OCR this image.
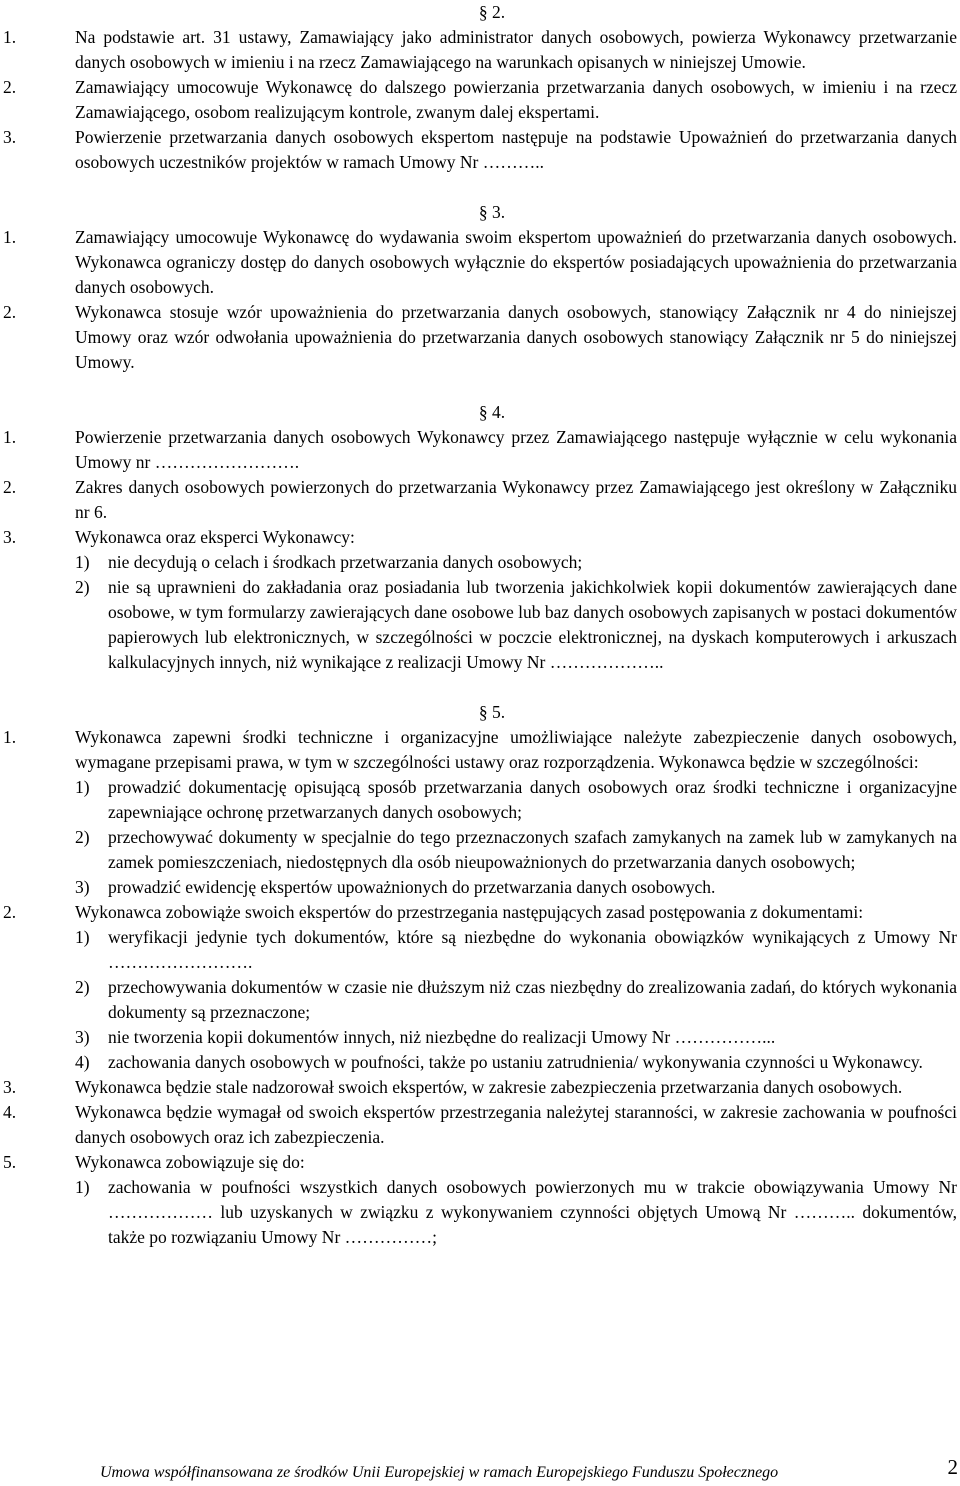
§ 2.

1.	Na podstawie art. 31 ustawy, Zamawiający jako administrator danych osobowych, powierza Wykonawcy przetwarzanie danych osobowych w imieniu i na rzecz Zamawiającego na warunkach opisanych w niniejszej Umowie.

2.	Zamawiający umocowuje Wykonawcę do dalszego powierzania przetwarzania danych osobowych, w imieniu i na rzecz Zamawiającego, osobom realizującym kontrole, zwanym dalej ekspertami.

3.	Powierzenie przetwarzania danych osobowych ekspertom następuje na podstawie Upoważnień do przetwarzania danych osobowych uczestników projektów w ramach Umowy Nr ………..

§ 3.

1.	Zamawiający umocowuje Wykonawcę do wydawania swoim ekspertom upoważnień do przetwarzania danych osobowych. Wykonawca ograniczy dostęp do danych osobowych wyłącznie do ekspertów posiadających upoważnienia do przetwarzania danych osobowych.

2.	Wykonawca stosuje wzór upoważnienia do przetwarzania danych osobowych, stanowiący Załącznik nr 4 do niniejszej Umowy oraz wzór odwołania upoważnienia do przetwarzania danych osobowych stanowiący Załącznik nr 5 do niniejszej Umowy.

§ 4.

1.	Powierzenie przetwarzania danych osobowych Wykonawcy przez Zamawiającego następuje wyłącznie w celu wykonania Umowy nr …………………….

2.	Zakres danych osobowych powierzonych do przetwarzania Wykonawcy przez Zamawiającego jest określony w Załączniku nr 6.

3.	Wykonawca oraz eksperci Wykonawcy:

1) nie decydują o celach i środkach przetwarzania danych osobowych;

2) nie są uprawnieni do zakładania oraz posiadania lub tworzenia jakichkolwiek kopii dokumentów zawierających dane osobowe, w tym formularzy zawierających dane osobowe lub baz danych osobowych zapisanych w postaci dokumentów papierowych lub elektronicznych, w szczególności w poczcie elektronicznej, na dyskach komputerowych i arkuszach kalkulacyjnych innych, niż wynikające z realizacji Umowy Nr ………………..

§ 5.

1.	Wykonawca zapewni środki techniczne i organizacyjne umożliwiające należyte zabezpieczenie danych osobowych, wymagane przepisami prawa, w tym w szczególności ustawy oraz rozporządzenia. Wykonawca będzie w szczególności:

1) prowadzić dokumentację opisującą sposób przetwarzania danych osobowych oraz środki techniczne i organizacyjne zapewniające ochronę przetwarzanych danych osobowych;

2) przechowywać dokumenty w specjalnie do tego przeznaczonych szafach zamykanych na zamek lub w zamykanych na zamek pomieszczeniach, niedostępnych dla osób nieupoważnionych do przetwarzania danych osobowych;

3) prowadzić ewidencję ekspertów upoważnionych do przetwarzania danych osobowych.

2.	Wykonawca zobowiąże swoich ekspertów do przestrzegania następujących zasad postępowania z dokumentami:

1) weryfikacji jedynie tych dokumentów, które są niezbędne do wykonania obowiązków wynikających z Umowy Nr …………………….

2) przechowywania dokumentów w czasie nie dłuższym niż czas niezbędny do zrealizowania zadań, do których wykonania dokumenty są przeznaczone;

3) nie tworzenia kopii dokumentów innych, niż niezbędne do realizacji Umowy Nr ……………...

4) zachowania danych osobowych w poufności, także po ustaniu zatrudnienia/ wykonywania czynności u Wykonawcy.

3.	Wykonawca będzie stale nadzorował swoich ekspertów, w zakresie zabezpieczenia przetwarzania danych osobowych.

4.	Wykonawca będzie wymagał od swoich ekspertów przestrzegania należytej staranności, w zakresie zachowania w poufności danych osobowych oraz ich zabezpieczenia.

5.	Wykonawca zobowiązuje się do:

1) zachowania w poufności wszystkich danych osobowych powierzonych mu w trakcie obowiązywania Umowy Nr ……………… lub uzyskanych w związku z wykonywaniem czynności objętych Umową Nr ……….. dokumentów, także po rozwiązaniu Umowy Nr ……………;

Umowa współfinansowana ze środków Unii Europejskiej w ramach Europejskiego Funduszu Społecznego	2
